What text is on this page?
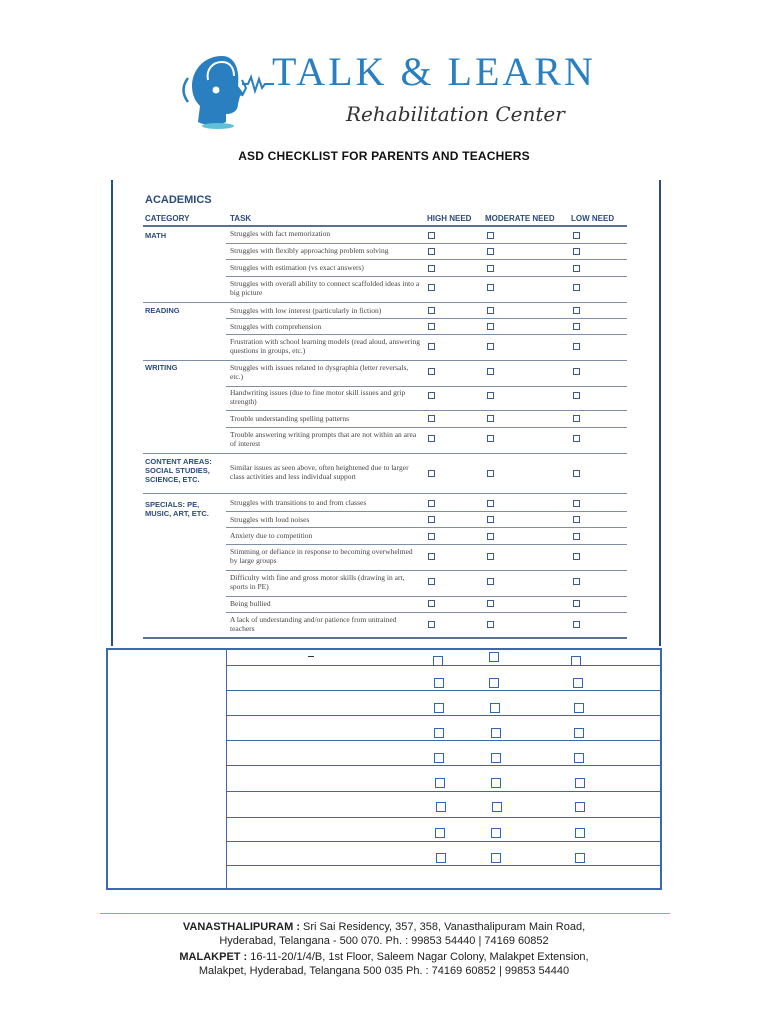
TALK & LEARN
Rehabilitation Center
ASD CHECKLIST FOR PARENTS AND TEACHERS
ACADEMICS
CATEGORY	TASK	HIGH NEED MODERATE NEED LOW NEED
MATH
READING
WRITING
CONTENT AREAS: SOCIAL STUDIES, SCIENCE, ETC.
SPECIALS: PE, MUSIC, ART, ETC.
Struggles with fact memorization
Struggles with flexibly approaching problem solving
Struggles with estimation (vs exact answers)
Struggles with overall ability to connect scaffolded ideas into a big picture
Struggles with low interest (particularly in fiction)
Struggles with comprehension
Frustration with school learning models (read aloud, answering questions in groups, etc.)
Struggles with issues related to dysgraphia (letter reversals, etc.)
Handwriting issues (due to fine motor skill issues and grip strength)
Trouble understanding spelling patterns
Trouble answering writing prompts that are not within an area of interest
Similar issues as seen above, often heightened due to larger class activities and less individual support
Struggles with transitions to and from classes
Struggles with loud noises
Anxiety due to competition
Stimming or defiance in response to becoming overwhelmed by large groups
Difficulty with fine and gross motor skills (drawing in art, sports in PE)
Being bullied
A lack of understanding and/or patience from untrained teachers
VANASTHALIPURAM : Sri Sai Residency, 357, 358, Vanasthalipuram Main Road,
Hyderabad, Telangana - 500 070. Ph. : 99853 54440 | 74169 60852
MALAKPET : 16-11-20/1/4/B, 1st Floor, Saleem Nagar Colony, Malakpet Extension,
Malakpet, Hyderabad, Telangana 500 035 Ph. : 74169 60852 | 99853 54440
